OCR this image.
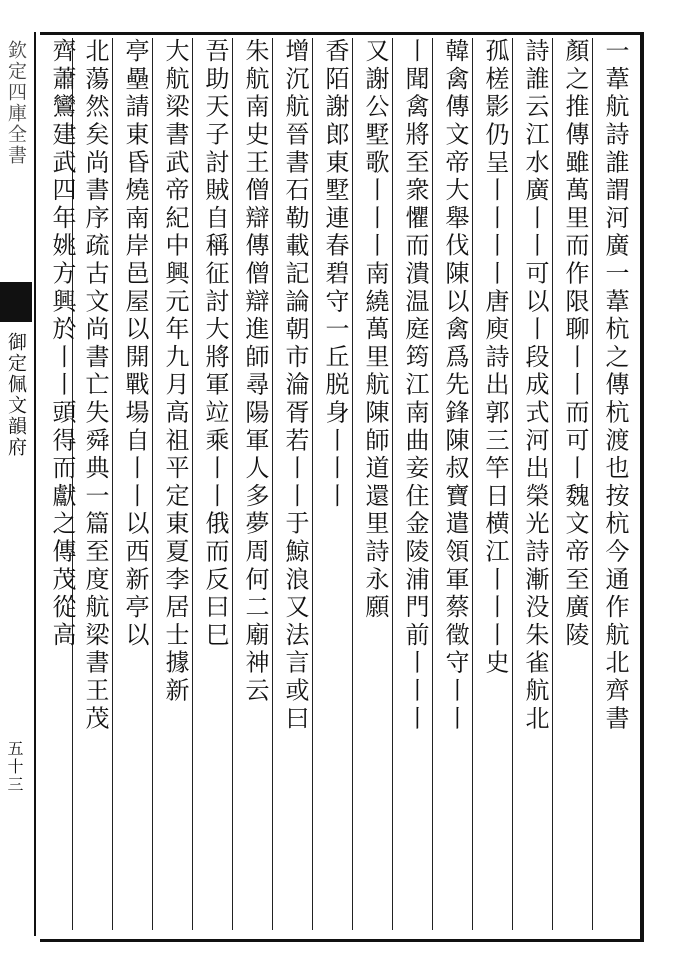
欽定四庫全書
御定佩文韻府
五十三
一葦航詩誰謂河廣一葦杭之傳杭渡也按杭今通作航北齊書
顏之推傳雖萬里而作限聊丨丨而可丨魏文帝至廣陵
詩誰云江水廣丨丨可以丨段成式河出榮光詩漸没朱雀航北
孤槎影仍呈丨丨丨丨唐庾詩出郭三竿日横江丨丨丨史
韓禽傳文帝大舉伐陳以禽爲先鋒陳叔寶遣領軍蔡徵守丨丨
丨聞禽將至衆懼而潰温庭筠江南曲妾住金陵浦門前丨丨丨
又謝公墅歌丨丨丨南繞萬里航陳師道還里詩永願
香陌謝郎東墅連春碧守一丘脱身丨丨丨
增沉航晉書石勒載記論朝市淪胥若丨丨于鯨浪又法言或曰
朱航南史王僧辯傳僧辯進師尋陽軍人多夢周何二廟神云
吾助天子討賊自稱征討大將軍竝乘丨丨俄而反曰巳
大航梁書武帝紀中興元年九月高祖平定東夏李居士據新
亭壘請東昏燒南岸邑屋以開戰場自丨丨以西新亭以
北蕩然矣尚書序疏古文尚書亡失舜典一篇至度航梁書王茂
齊蕭鸞建武四年姚方興於丨丨頭得而獻之傳茂從高
